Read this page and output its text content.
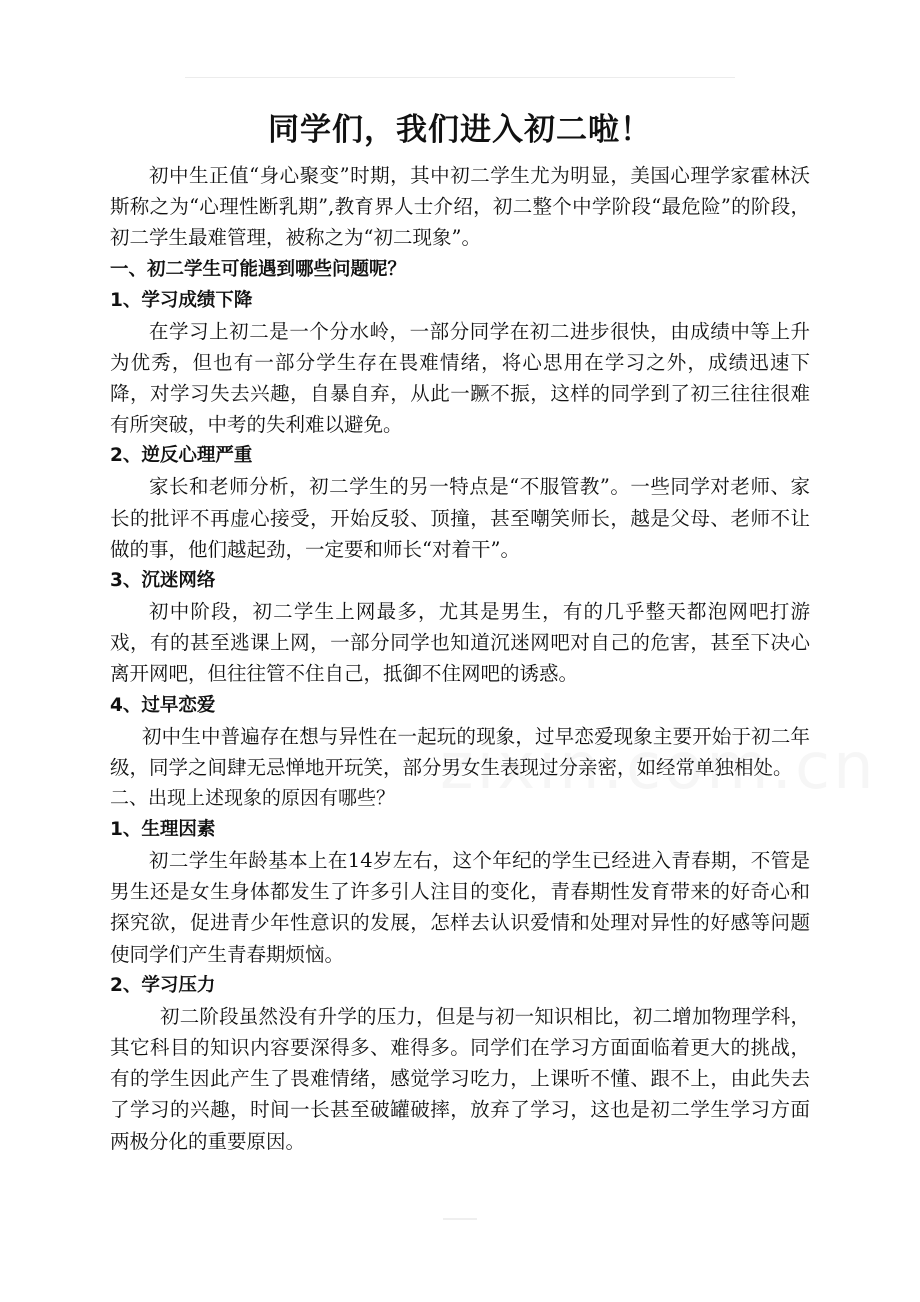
同学们，我们进入初二啦！

初中生正值“身心聚变”时期，其中初二学生尤为明显，美国心理学家霍林沃斯称之为“心理性断乳期”,教育界人士介绍，初二整个中学阶段“最危险”的阶段，初二学生最难管理，被称之为“初二现象”。

一、初二学生可能遇到哪些问题呢？

1、学习成绩下降

在学习上初二是一个分水岭，一部分同学在初二进步很快，由成绩中等上升为优秀，但也有一部分学生存在畏难情绪，将心思用在学习之外，成绩迅速下降，对学习失去兴趣，自暴自弃，从此一蹶不振，这样的同学到了初三往往很难有所突破，中考的失利难以避免。

2、逆反心理严重

家长和老师分析，初二学生的另一特点是“不服管教”。一些同学对老师、家长的批评不再虚心接受，开始反驳、顶撞，甚至嘲笑师长，越是父母、老师不让做的事，他们越起劲，一定要和师长“对着干”。

3、沉迷网络

初中阶段，初二学生上网最多，尤其是男生，有的几乎整天都泡网吧打游戏，有的甚至逃课上网，一部分同学也知道沉迷网吧对自己的危害，甚至下决心离开网吧，但往往管不住自己，抵御不住网吧的诱惑。

4、过早恋爱

初中生中普遍存在想与异性在一起玩的现象，过早恋爱现象主要开始于初二年级，同学之间肆无忌惮地开玩笑，部分男女生表现过分亲密，如经常单独相处。

二、出现上述现象的原因有哪些？

1、生理因素

初二学生年龄基本上在14岁左右，这个年纪的学生已经进入青春期，不管是男生还是女生身体都发生了许多引人注目的变化，青春期性发育带来的好奇心和探究欲，促进青少年性意识的发展，怎样去认识爱情和处理对异性的好感等问题使同学们产生青春期烦恼。

2、学习压力

初二阶段虽然没有升学的压力，但是与初一知识相比，初二增加物理学科，其它科目的知识内容要深得多、难得多。同学们在学习方面面临着更大的挑战，有的学生因此产生了畏难情绪，感觉学习吃力，上课听不懂、跟不上，由此失去了学习的兴趣，时间一长甚至破罐破摔，放弃了学习，这也是初二学生学习方面两极分化的重要原因。
